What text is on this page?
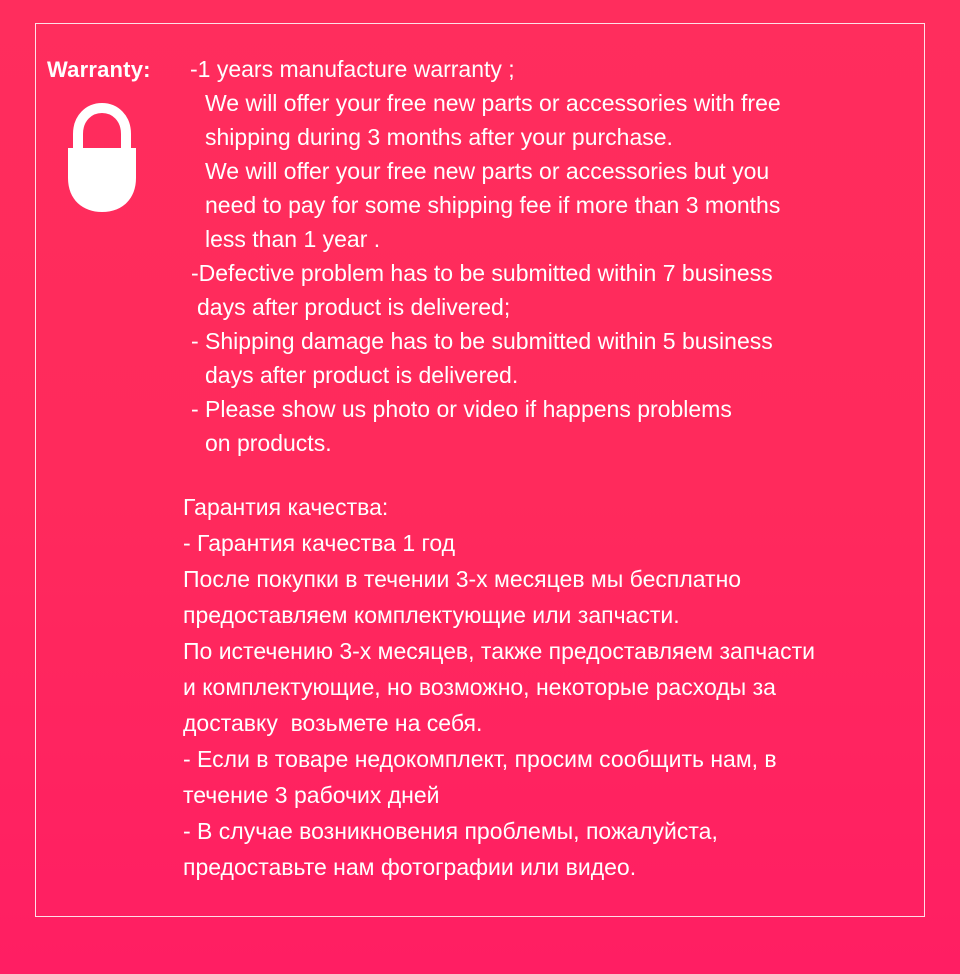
Warranty: -1 years manufacture warranty ;
We will offer your free new parts or accessories with free
shipping during 3 months after your purchase.
We will offer your free new parts or accessories but you
need to pay for some shipping fee if more than 3 months
less than 1 year .
-Defective problem has to be submitted within 7 business
days after product is delivered;
- Shipping damage has to be submitted within 5 business
days after product is delivered.
- Please show us photo or video if happens problems
on products.
Гарантия качества:
- Гарантия качества 1 год
После покупки в течении 3-х месяцев мы бесплатно
предоставляем комплектующие или запчасти.
По истечению 3-х месяцев, также предоставляем запчасти
и комплектующие, но возможно, некоторые расходы за
доставку  возьмете на себя.
- Если в товаре недокомплект, просим сообщить нам, в
течение 3 рабочих дней
- В случае возникновения проблемы, пожалуйста,
предоставьте нам фотографии или видео.
